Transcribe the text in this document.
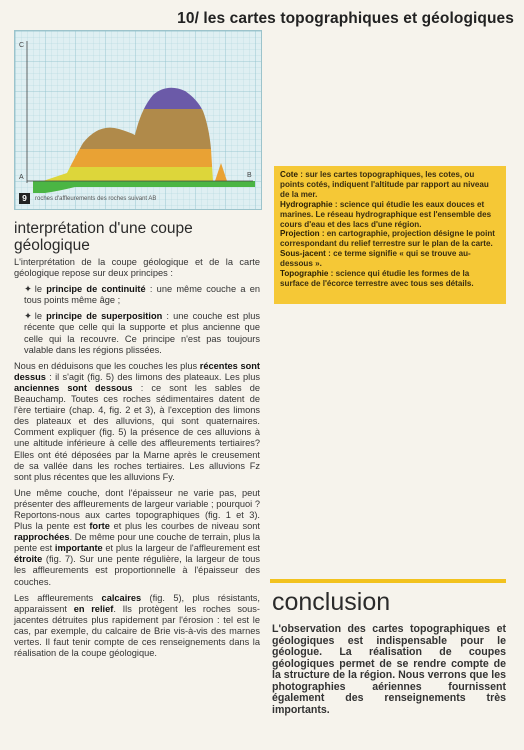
10/ les cartes topographiques et géologiques
C
A	B
9	roches d'affleurements des roches suivant AB

Cote : sur les cartes topographiques, les cotes, ou points cotés, indiquent l'altitude par rapport au niveau de la mer.

Hydrographie : science qui étudie les eaux douces et marines. Le réseau hydrographique est l'ensemble des cours d'eau et des lacs d'une région.

Projection : en cartographie, projection désigne le point correspondant du relief terrestre sur le plan de la carte.

Sous-jacent : ce terme signifie « qui se trouve au-dessous ».

Topographie : science qui étudie les formes de la surface de l'écorce terrestre avec tous ses détails.

interprétation d'une coupe géologique

L'interprétation de la coupe géologique et de la carte géologique repose sur deux principes :

✦ le principe de continuité : une même couche a en tous points même âge ;

✦ le principe de superposition : une couche est plus récente que celle qui la supporte et plus ancienne que celle qui la recouvre. Ce principe n'est pas toujours valable dans les régions plissées.

Nous en déduisons que les couches les plus récentes sont dessus : il s'agit (fig. 5) des limons des plateaux. Les plus anciennes sont dessous : ce sont les sables de Beauchamp. Toutes ces roches sédimentaires datent de l'ère tertiaire (chap. 4, fig. 2 et 3), à l'exception des limons des plateaux et des alluvions, qui sont quaternaires. Comment expliquer (fig. 5) la présence de ces alluvions à une altitude inférieure à celle des affleurements tertiaires? Elles ont été déposées par la Marne après le creusement de sa vallée dans les roches tertiaires. Les alluvions Fz sont plus récentes que les alluvions Fy.

Une même couche, dont l'épaisseur ne varie pas, peut présenter des affleurements de largeur variable ; pourquoi ? Reportons-nous aux cartes topographiques (fig. 1 et 3). Plus la pente est forte et plus les courbes de niveau sont rapprochées. De même pour une couche de terrain, plus la pente est importante et plus la largeur de l'affleurement est étroite (fig. 7). Sur une pente régulière, la largeur de tous les affleurements est proportionnelle à l'épaisseur des couches.

Les affleurements calcaires (fig. 5), plus résistants, apparaissent en relief. Ils protègent les roches sous-jacentes détruites plus rapidement par l'érosion : tel est le cas, par exemple, du calcaire de Brie vis-à-vis des marnes vertes. Il faut tenir compte de ces renseignements dans la réalisation de la coupe géologique.

conclusion
L'observation des cartes topographiques et géologiques est indispensable pour le géologue. La réalisation de coupes géologiques permet de se rendre compte de la structure de la région. Nous verrons que les photographies aériennes fournissent également des renseignements très importants.
